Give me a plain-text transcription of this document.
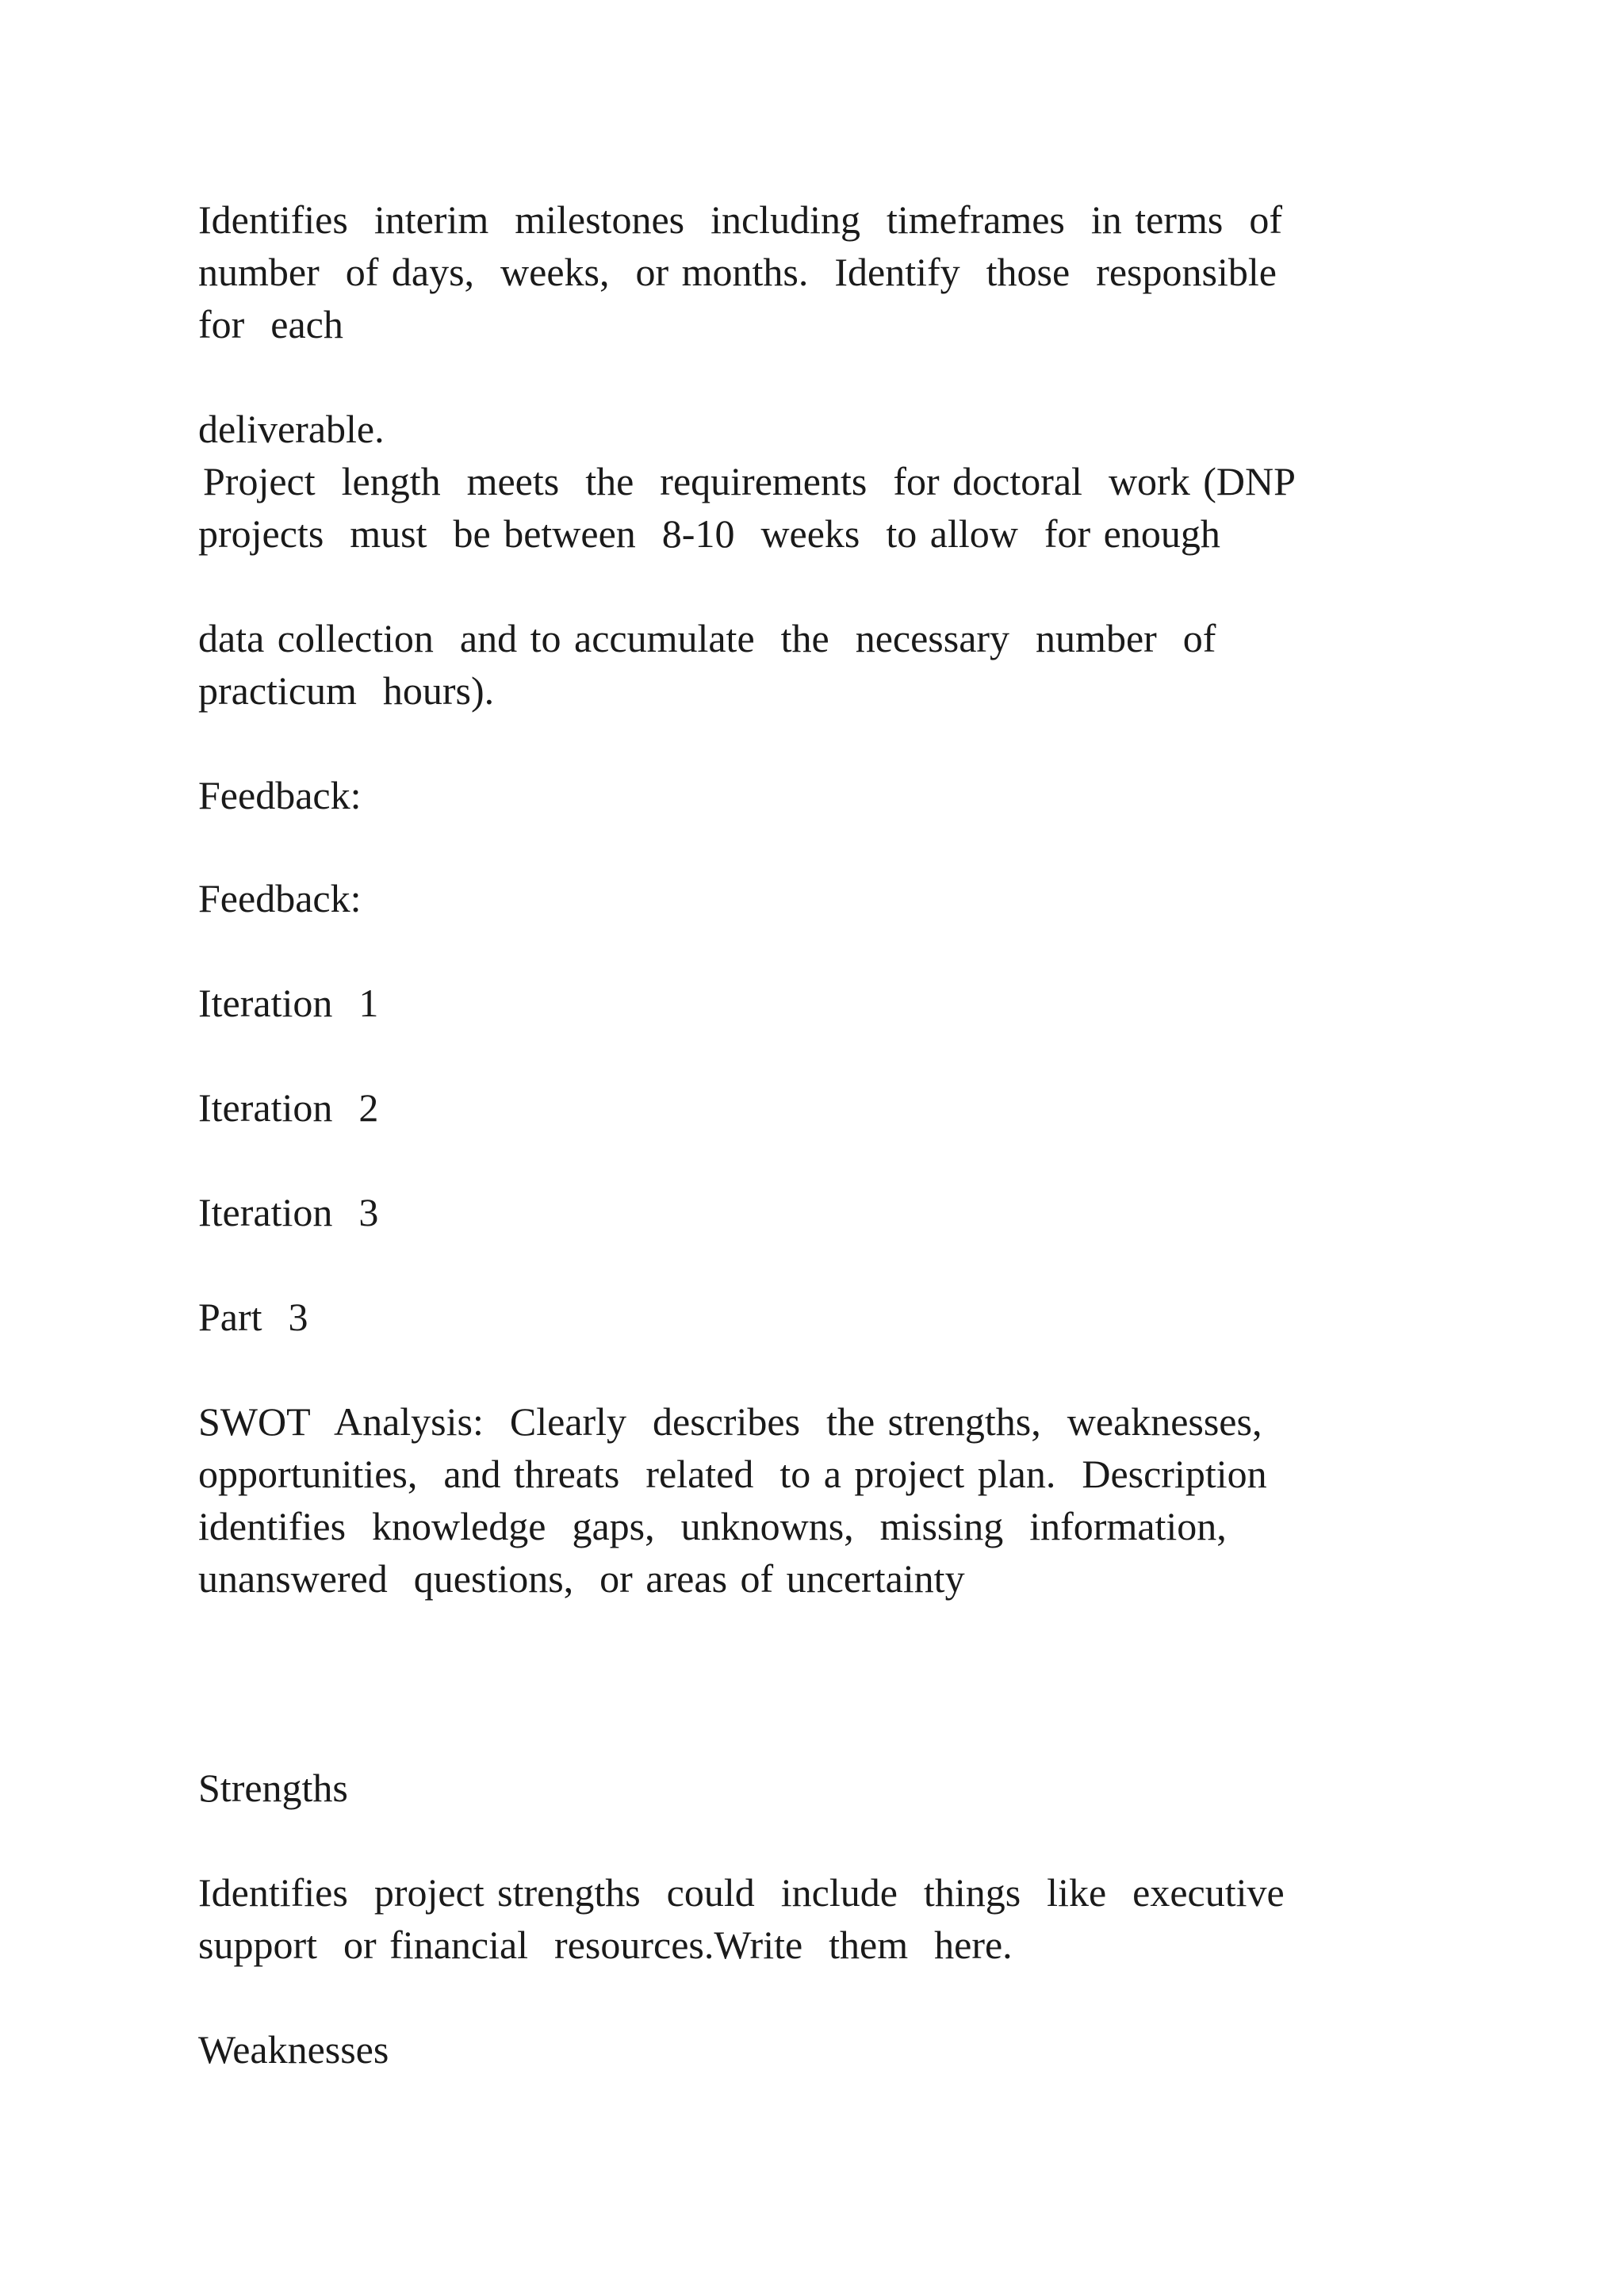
Identifies  interim  milestones  including  timeframes  in terms  of

number  of days,  weeks,  or months.  Identify  those  responsible

for  each

deliverable.

Project  length  meets  the  requirements  for doctoral  work (DNP

projects  must  be between  8-10  weeks  to allow  for enough

data collection  and to accumulate  the  necessary  number  of

practicum  hours).

Feedback:

Feedback:

Iteration  1

Iteration  2

Iteration  3

Part  3

SWOT  Analysis:  Clearly  describes  the strengths,  weaknesses,

opportunities,  and threats  related  to a project plan.  Description

identifies  knowledge  gaps,  unknowns,  missing  information,

unanswered  questions,  or areas of uncertainty

Strengths

Identifies  project strengths  could  include  things  like  executive

support  or financial  resources.Write  them  here.

Weaknesses
